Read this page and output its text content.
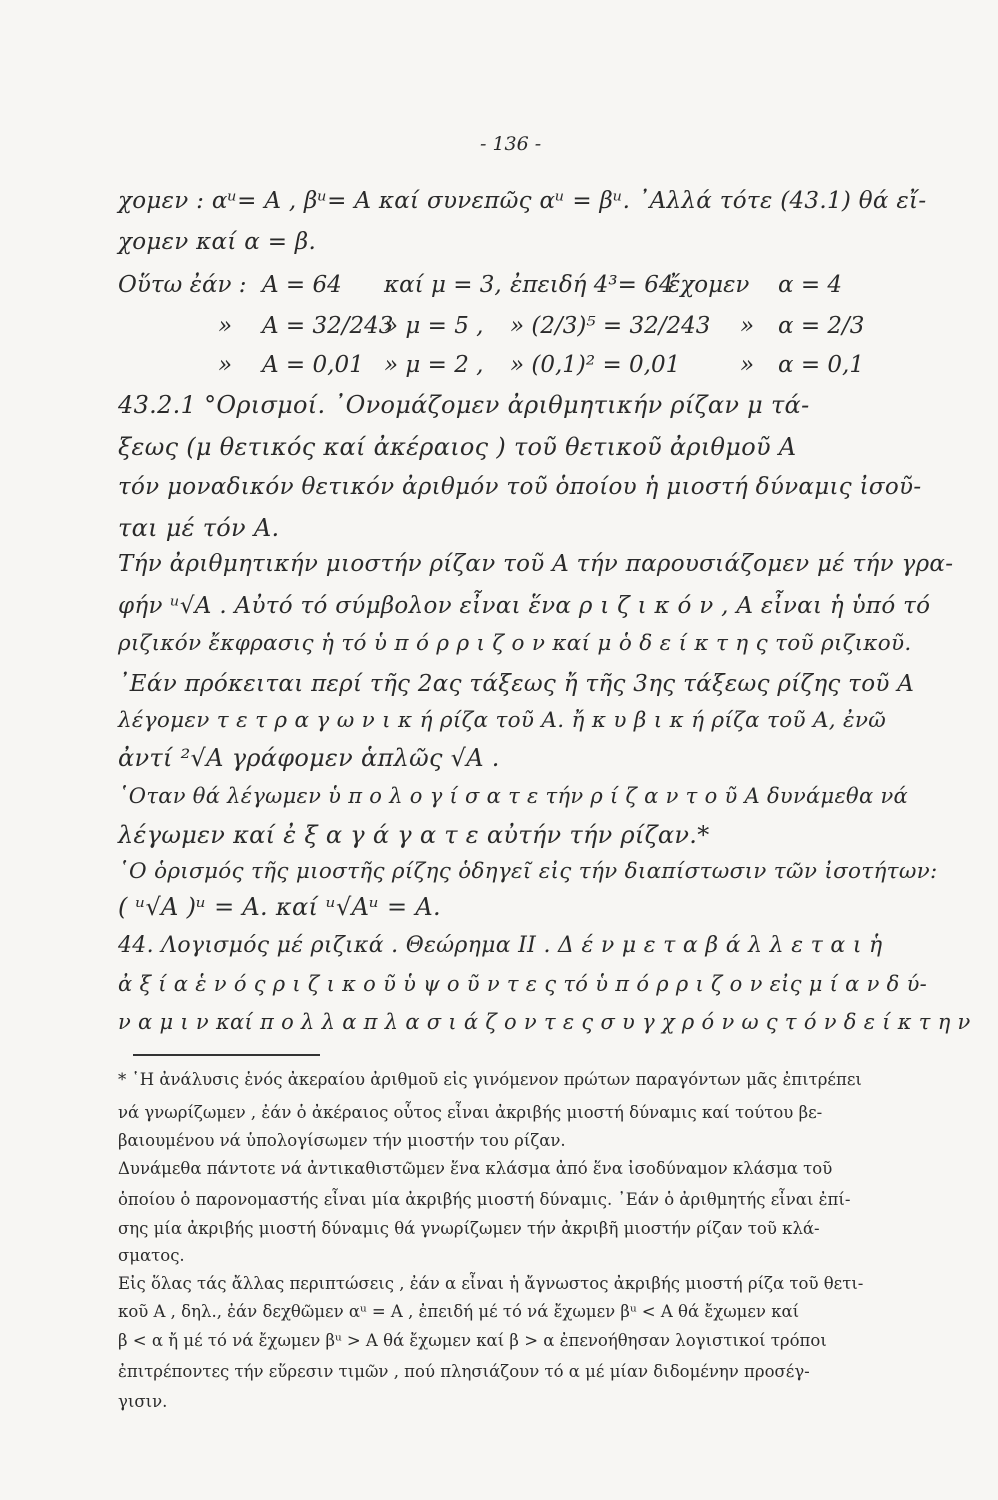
- 136 -
χομεν : αᵘ= A , βᵘ= A καί συνεπῶς αᵘ = βᵘ. ᾿Αλλά τότε (43.1) θά εἴ-
χομεν καί α = β.
Οὕτω ἐάν : A = 64 καί μ = 3, ἐπειδή 4³= 64
ἔχομεν α = 4
» A = 32/243
» μ = 5 , » (2/3)⁵ = 32/243 » α = 2/3
» A = 0,01 » μ = 2 , » (0,1)² = 0,01	» α = 0,1
43.2.1 °Ορισμοί. ᾿Ονομάζομεν ἀριθμητικήν ρίζαν μ τά-
ξεως (μ θετικός καί ἀκέραιος ) τοῦ θετικοῦ ἀριθμοῦ A
τόν μοναδικόν θετικόν ἀριθμόν τοῦ ὁποίου ἡ μιοστή δύναμις ἰσοῦ-
ται μέ τόν A.
Τήν ἀριθμητικήν μιοστήν ρίζαν τοῦ A τήν παρουσιάζομεν μέ τήν γρα-
φήν ᵘ√A . Αὐτό τό σύμβολον εἶναι ἕνα ρ ι ζ ι κ ό ν , A εἶναι ἡ ὑπό τό
ριζικόν ἔκφρασις ἡ τό ὑ π ό ρ ρ ι ζ ο ν καί μ ὁ δ ε ί κ τ η ς τοῦ ριζικοῦ.
᾿Εάν πρόκειται περί τῆς 2ας τάξεως ἤ τῆς 3ης τάξεως ρίζης τοῦ A
λέγομεν τ ε τ ρ α γ ω ν ι κ ή ρίζα τοῦ A. ἤ κ υ β ι κ ή ρίζα τοῦ A, ἐνῶ
ἀντί ²√A γράφομεν ἁπλῶς √A .
῾Οταν θά λέγωμεν ὑ π ο λ ο γ ί σ α τ ε τήν ρ ί ζ α ν τ ο ῦ A δυνάμεθα νά
λέγωμεν καί ἐ ξ α γ ά γ α τ ε αὐτήν τήν ρίζαν.*
῾Ο ὁρισμός τῆς μιοστῆς ρίζης ὁδηγεῖ εἰς τήν διαπίστωσιν τῶν ἰσοτήτων:
( ᵘ√A )ᵘ = A. καί ᵘ√Aᵘ = A.
44. Λογισμός μέ ριζικά . Θεώρημα II . Δ έ ν μ ε τ α β ά λ λ ε τ α ι ἡ
ἀ ξ ί α ἑ ν ό ς ρ ι ζ ι κ ο ῦ ὑ ψ ο ῦ ν τ ε ς τό ὑ π ό ρ ρ ι ζ ο ν εἰς μ ί α ν δ ύ-
ν α μ ι ν καί π ο λ λ α π λ α σ ι ά ζ ο ν τ ε ς σ υ γ χ ρ ό ν ω ς τ ό ν δ ε ί κ τ η ν
* ῾Η ἀνάλυσις ἑνός ἀκεραίου ἀριθμοῦ εἰς γινόμενον πρώτων παραγόντων μᾶς ἐπιτρέπει
νά γνωρίζωμεν , ἐάν ὁ ἀκέραιος οὗτος εἶναι ἀκριβής μιοστή δύναμις καί τούτου βε-
βαιουμένου νά ὑπολογίσωμεν τήν μιοστήν του ρίζαν.
Δυνάμεθα πάντοτε νά ἀντικαθιστῶμεν ἕνα κλάσμα ἀπό ἕνα ἰσοδύναμον κλάσμα τοῦ
ὁποίου ὁ παρονομαστής εἶναι μία ἀκριβής μιοστή δύναμις. ᾿Εάν ὁ ἀριθμητής εἶναι ἐπί-
σης μία ἀκριβής μιοστή δύναμις θά γνωρίζωμεν τήν ἀκριβῆ μιοστήν ρίζαν τοῦ κλά-
σματος.
Εἰς ὅλας τάς ἄλλας περιπτώσεις , ἐάν α εἶναι ἡ ἄγνωστος ἀκριβής μιοστή ρίζα τοῦ θετι-
κοῦ A , δηλ., ἐάν δεχθῶμεν αᵘ = A , ἐπειδή μέ τό νά ἔχωμεν βᵘ < A θά ἔχωμεν καί
β < α ἤ μέ τό νά ἔχωμεν βᵘ > A θά ἔχωμεν καί β > α ἐπενοήθησαν λογιστικοί τρόποι
ἐπιτρέποντες τήν εὕρεσιν τιμῶν , πού πλησιάζουν τό α μέ μίαν διδομένην προσέγ-
γισιν.
